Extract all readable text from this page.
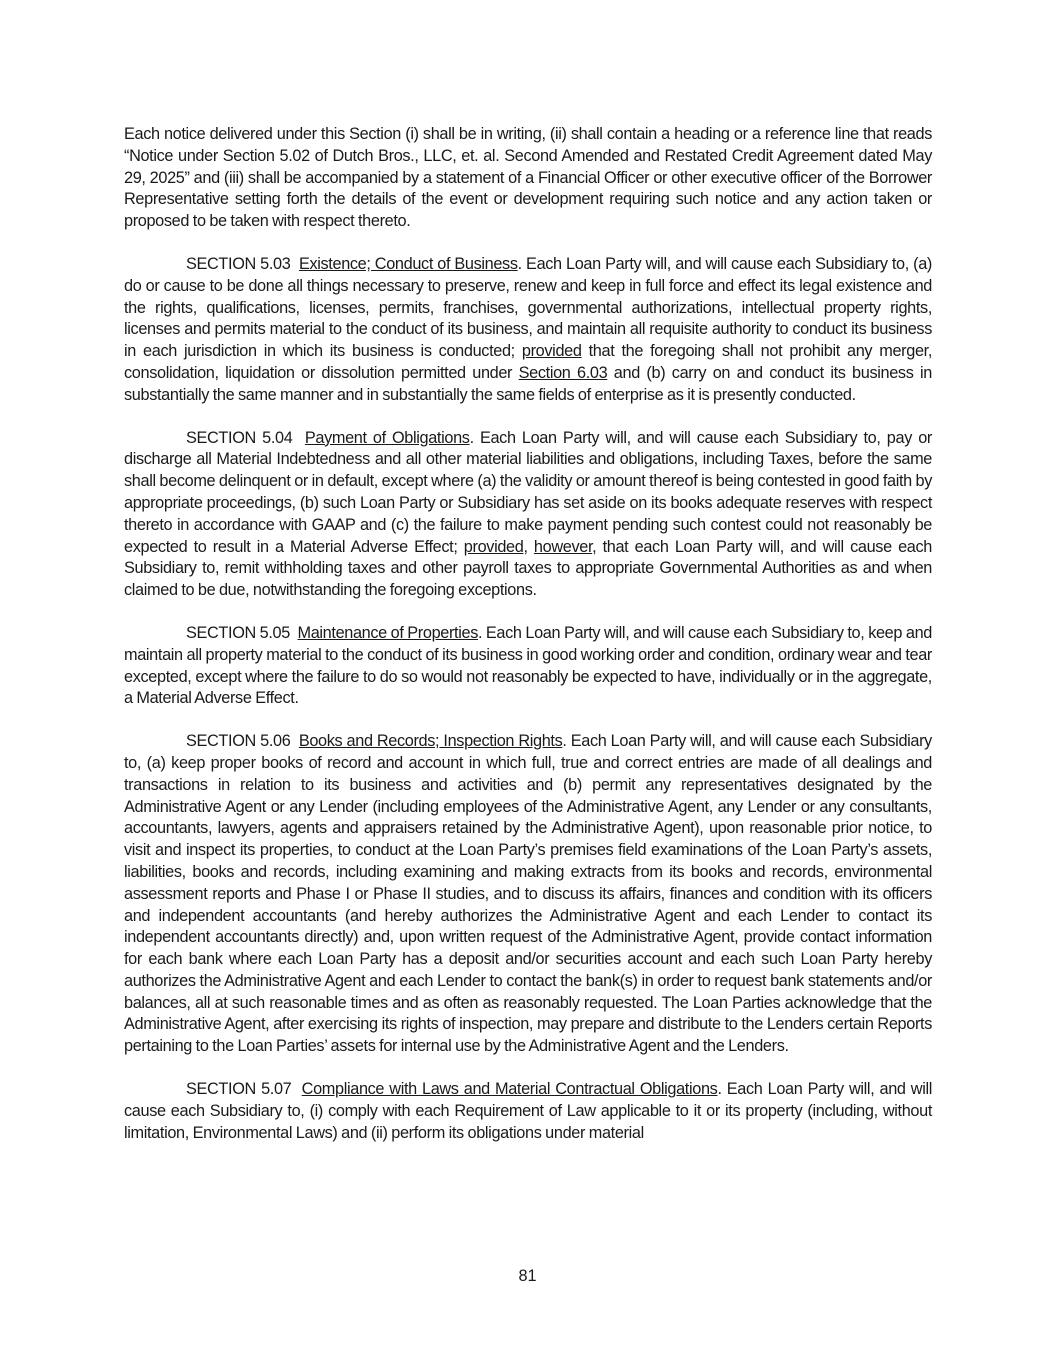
Each notice delivered under this Section (i) shall be in writing, (ii) shall contain a heading or a reference line that reads “Notice under Section 5.02 of Dutch Bros., LLC, et. al. Second Amended and Restated Credit Agreement dated May 29, 2025” and (iii) shall be accompanied by a statement of a Financial Officer or other executive officer of the Borrower Representative setting forth the details of the event or development requiring such notice and any action taken or proposed to be taken with respect thereto.

SECTION 5.03 Existence; Conduct of Business. Each Loan Party will, and will cause each Subsidiary to, (a) do or cause to be done all things necessary to preserve, renew and keep in full force and effect its legal existence and the rights, qualifications, licenses, permits, franchises, governmental authorizations, intellectual property rights, licenses and permits material to the conduct of its business, and maintain all requisite authority to conduct its business in each jurisdiction in which its business is conducted; provided that the foregoing shall not prohibit any merger, consolidation, liquidation or dissolution permitted under Section 6.03 and (b) carry on and conduct its business in substantially the same manner and in substantially the same fields of enterprise as it is presently conducted.

SECTION 5.04 Payment of Obligations. Each Loan Party will, and will cause each Subsidiary to, pay or discharge all Material Indebtedness and all other material liabilities and obligations, including Taxes, before the same shall become delinquent or in default, except where (a) the validity or amount thereof is being contested in good faith by appropriate proceedings, (b) such Loan Party or Subsidiary has set aside on its books adequate reserves with respect thereto in accordance with GAAP and (c) the failure to make payment pending such contest could not reasonably be expected to result in a Material Adverse Effect; provided, however, that each Loan Party will, and will cause each Subsidiary to, remit withholding taxes and other payroll taxes to appropriate Governmental Authorities as and when claimed to be due, notwithstanding the foregoing exceptions.

SECTION 5.05 Maintenance of Properties. Each Loan Party will, and will cause each Subsidiary to, keep and maintain all property material to the conduct of its business in good working order and condition, ordinary wear and tear excepted, except where the failure to do so would not reasonably be expected to have, individually or in the aggregate, a Material Adverse Effect.

SECTION 5.06 Books and Records; Inspection Rights. Each Loan Party will, and will cause each Subsidiary to, (a) keep proper books of record and account in which full, true and correct entries are made of all dealings and transactions in relation to its business and activities and (b) permit any representatives designated by the Administrative Agent or any Lender (including employees of the Administrative Agent, any Lender or any consultants, accountants, lawyers, agents and appraisers retained by the Administrative Agent), upon reasonable prior notice, to visit and inspect its properties, to conduct at the Loan Party’s premises field examinations of the Loan Party’s assets, liabilities, books and records, including examining and making extracts from its books and records, environmental assessment reports and Phase I or Phase II studies, and to discuss its affairs, finances and condition with its officers and independent accountants (and hereby authorizes the Administrative Agent and each Lender to contact its independent accountants directly) and, upon written request of the Administrative Agent, provide contact information for each bank where each Loan Party has a deposit and/or securities account and each such Loan Party hereby authorizes the Administrative Agent and each Lender to contact the bank(s) in order to request bank statements and/or balances, all at such reasonable times and as often as reasonably requested. The Loan Parties acknowledge that the Administrative Agent, after exercising its rights of inspection, may prepare and distribute to the Lenders certain Reports pertaining to the Loan Parties’ assets for internal use by the Administrative Agent and the Lenders.

SECTION 5.07 Compliance with Laws and Material Contractual Obligations. Each Loan Party will, and will cause each Subsidiary to, (i) comply with each Requirement of Law applicable to it or its property (including, without limitation, Environmental Laws) and (ii) perform its obligations under material

81
